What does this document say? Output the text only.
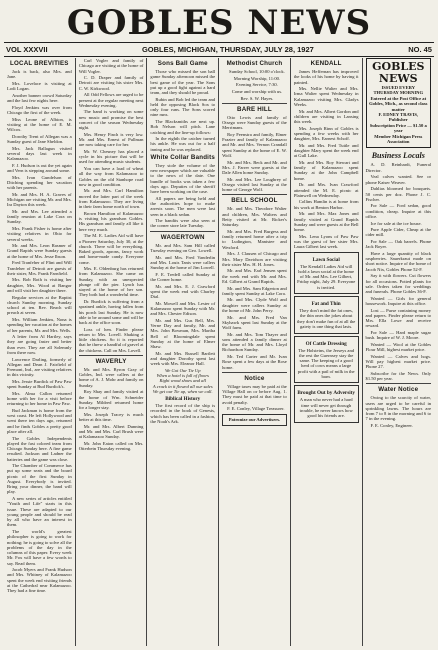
GOBLES NEWS
VOL XXXVII	GOBLES, MICHIGAN, THURSDAY, JULY 28, 1927	NO. 45
LOCAL BREVITIES

Jack is back, also Mrs. and Jane.

Mrs. Lovelace is visiting at Lodi Logan.

Another banner crowd Saturday and the last few nights here.

Floyd Jenkins was over from Chicago the first of the week.

Miss Leone of Albion, is visiting at the home of E. M. Wilcox.

Dorothy Trent of Allegan was a Sunday guest of Jane Sheldon.

Mrs. Jack Ballagun visited several days last week in Kalamazoo.

F. J. Hudson is out the yet again and Vern is stepping around some.

Mrs. Ivan Gundelson of Ditching spending her vacation with her parents.

Mr. and Mrs. H. A. Graves of Michigan are visiting Mr. and Mrs. Ira Dayton this week.

Mr. and Mrs. Lee attended a family reunion at Lake Cora on Sunday.

Mrs. Frank Fisher is home after visiting relatives in Ohio for several weeks.

Mr. and Mrs. Leon Rasmer of Grand Rapids were Sunday guests at the home of Mrs. Jesse Ibson.

Fred Tranfeher of Flint and Will Tranfeher of Detroit are guests of their sister, Mrs. Frank Farnfield.

Mrs. Bob Roth is visiting her daughter, Mrs. Wood at Bangor and will visit her daughter there.

Regular services at the Baptist church Sunday morning. Sunday school at ten. Rev. Beach will preach at seven.

Mrs. William Jenkins, Nona is spending her vacation at the homes of her parents, Mr. and Mrs. Wells.

A letter from Al Hartley, says they are going faster and better than ever. They are all Solemnly from there now.

Lawrence Darling, formerly of Allegan and Dean J. Fairfield of Fremont, Ind., are visiting relatives in this vicinity.

Mrs. Jessie Burdick of Paw Paw spent Sunday at Bud Burdick's.

Mrs. Alma Callon returned home with her for a visit before returning to her home in Paw Paw.

Bud Jackman is home from the west coast. He left Hollywood and went there ten days ago, returned and he finds Gobles a pretty good place after all.

The Gobles Independents played the fast colored team from Chicago Sunday here. A fine game resulted. Jackson and Ladner the batteries and the game was close.

The Chamber of Commerce has put up some seats and the board picnic of the first Sunday in August. Everybody is invited. Bring your dinner, the band will play.

A new series of articles entitled "Youth and Life" starts in this issue. These are adapted to our young people and should be read by all who have an interest in them.

The world's greatest philosopher is going to work for nothing; he is going to solve all the problems of the day in the columns of this paper. Every week Mr. Fox will have a few words to say. Read them.

Jacob Myers and Frank Hudson and Mrs. Whitney of Kalamazoo spent the week end visiting friends at the Cathedral near Kalamazoo. They had a fine time.

Carl Vogler and family of Chicago are visiting at the home of Will Vogler.

C. D. Draper and family of Detroit are visiting his sister Mrs. C. W. Kirkwood.

All Odd Fellows are urged to be present at the regular meeting next Wednesday evening.

The band is working on some new music and promise the best concert of the season Wednesday night.

Mrs. Henry Finch is very low. Mr. and Mrs. Ernest of Pullman are now taking care for her.

Mr. W. Chesney has placed a cycle in his picture that will be used for attending music students.

You can have a load of wheat all the way from Kalamazoo to Gobles on the old Stanhope road now in good condition.

Mr. and Mrs. Carl Hamilton moved the latter part of the week from Kalamazoo. They are living in their farm home north of town.

Brown Hamilton of Kalamazoo is visiting his grandson Gobles. His grandson and family all like it here very much.

The M. E. Ladies Aid will have a Pioneer Saturday, July 30, at the church. There will be everything. Baked goods, aprons, fancy work and home-made candy. Everyone come.

Mrs. E. Oldenburg has returned from Kalamazoo. She came on Sunday, with an unexpected plunge off the pier. Lynch has stayed at the home of her son. They both had a wonderful time.

Dr. Burdick is suffering from a sprained ankle, having fallen from his porch last Sunday. He is now able to be around some and will be back at the office soon.

Loss of hen. Finder please return to Mrs. Lovell. Shaking a little chickens. So it is reported that he threw a handful of gravel at the chickens. Call on Mrs. Lovell.

WAVERLY

Mr. and Mrs. Byron Gray of Gobles, Ind. were callers at the home of A. J. Mohr and family on Sunday.

Roy Shay and family visited at the home of Wm. Schneider Sunday. Mildred returned home for a longer stay.

Mrs. Joseph Tracey is much better at this time.

Mr. and Mrs. Albert Dunning and Mr. and Mrs. Carl Brush were at Kalamazoo Sunday.

Mr. John Eaton called on Mrs. Otterbein Thursday evening.

Sons Ball Game

Those who missed the son ball game Sunday afternoon missed the best game of the year. The Sons put up a good fight against a hard team, and they should be proud.

Rubin and Bob led the team and held the opposing Black Sox to only four runs. The Sons scored nine runs.

The Blacksmiths are next up. Bob Nelson will pitch. Lane catching and the line-up follows:

In the eighth the catcher turned his ankle. He was out for a half inning and he was replaced.

White Collar Bandits

They stole the volume of the new newspaper which are valuable to the news of the date. One bundle of books was taken a few days ago. Deputies of the sheriff have been working on the case.

All papers are being held and the authorities hope to make arrests soon. The men were last seen in a black sedan.

The bandits were also seen at the corner store late Tuesday.

WAGERTOWN

Mr. and Mrs. Sam Hill called Tuesday evening on Geo. Lowell.

Mr. and Mrs. Fred Vanderlin and Mrs. Louis Tanis were callers Sunday at the home of Jim Lowell.

F. E. Tredell called Sunday at the Corner home.

Mr. and Mrs. E. J. Crawford spent the week end with Charley Dial.

Mr. Mowell and Mrs. Lester of Kalamazoo spent Sunday with Mr. and Mrs. Chester Edison.

Mr. and Mrs. Gus Bell, Mrs. Verne Day and family, Mr. and Mrs. John Bowman, Mrs. Martha Bell of Bloomingdale spent Sunday at the home of Elmer Shaw.

Mr. and Mrs. Russell Bartlett and daughter Dorothy spent last week with Mrs. Eleanor Hall.

We Got Our Tie Up

When a hotel is full of floors

Right wood shoes and all

A crack in it flowed all our sales

We get our Tie up, when we call.

Biblical History

The first record of the ship is recorded in the book of Genesis, which has been called in a fashion, the Noah's Ark.

Methodist Church

Sunday School, 10:00 o'clock.

Morning Worship, 11:00.

Evening Service, 7:30.

Come and worship with us.

Rev. S. W. Hayes.

BARE HILL

Otto Lewis and family of Otsego were Sunday guests of the Merrimans.

Roy Feenstra and family, Elmer Frazier and family of Kalamazoo and Mr. and Mrs. Vernon Crandall spent Sunday at the home of E. W. Wolf.

Mr. and Mrs. Beck and Mr. and Mrs. J. Farrer were guests at the Dale Allen home Sunday.

Mr. and Mrs. Lee Loughrey of Otsego visited last Sunday at the home of George Wolf.

BELL SCHOOL

Mr. and Mrs. Theodore Walter and children, Mrs. Walters and Betty visited at Mr. Ricker's Saturday.

Mr. and Mrs. Fred Burgess and family returned home after a trip to Ludington, Manistee and Wexford.

Mrs. J. Clausen of Chicago and Mrs. Mary Davidson are visiting their sister Mrs. H. H. Jones.

Mr. and Mrs. Earl Jensen spent the week end with Mr. and Mrs. Ed. Gilbert at Grand Rapids.

Mr. and Mrs. Sam Edgerton and family spent Sunday at Lake Cora.

Mr. and Mrs. Clyde Wolf and daughter were callers Sunday at the home of Mr. John Perry.

Mr. and Mrs. Fred Van Skyhawk spent last Sunday at the Wolf farm.

Mr. and Mrs. Tom Thayer and sons attended a family dinner at the home of Mr. and Mrs. Lloyd Richardson Sunday.

Mr. Ted Carter and Mr. Ivan Rose spent a few days at the Rose home.

Notice

Village taxes may be paid at the Village Hall on or before Aug. 1. They must be paid at that time to avoid penalty.

F. E. Conley, Village Treasurer.

Patronize our Advertisers.

KENDALL

James Heffernan has improved the looks of his home by having it painted.

Mrs. Nellie Walter and Mrs. Irma Walter spent Wednesday in Kalamazoo visiting Mrs. Gladys Weeks.

Mr. and Mrs. Albert Gordon and children are visiting in Lansing this week.

Mrs. Joseph Rinn of Gobles is spending a few weeks with her daughter, Mrs. Earnest Schoff.

Mr. and Mrs. Fred Tuttle and daughter Mary spent the week end at Gull Lake.

Mr. and Mrs. Roy Stewart and family of Kalamazoo spent Sunday at the John Campbell home.

Dr. and Mrs. Ivan Crawford attended the M. E. picnic at Plainwell on Wednesday.

Collins Hamlin is at home from his work at Benton Harbor.

Mr. and Mrs. Max Jones and family visited at Grand Rapids Sunday and were guests at the Bell home.

Mrs. Lena Lyons of Paw Paw was the guest of her sister Mrs. Laura Gilbert last week.

Lawn Social

The Kendall Ladies Aid will hold a lawn social at the home of Mr. and Mrs. Lee Gilbert, Friday night, July 29. Everyone is invited.

Fat and Thin

They don't mind the fat ones, the thin ones the jokes about they don't make fun of at all the gaiety is one thing that lasts.

Of Cattle Dressing

The Holsteins, the Jerseys and the rest the Guernsey stay the same. The keeping of a good herd of cows means a large profit with a pail of milk in the barn.

Brought Out by Adversity

A man who never had a hard time will never get through trouble, he never knows how good his friends are.

GOBLES NEWS

ISSUED EVERY THURSDAY MORNING

Entered at the Post Office at Gobles, Mich., as second class matter

F. EDNEY TRAVIS, Publisher

Subscription Price — $1.50 a year

Member Michigan Press Association

Business Locals

A. D. Reinhardt, Funeral Director.

Veal calves wanted. See or phone Kaiser Weaver.

Dahlias bloomed for bouquets. 50 cents per doz. Phone J. C. Fischer.

For Sale — Ford sedan, good condition, cheap. Inquire at this office.

Ice for sale at the ice house.

Pure Apple Cider, Cheap at the cider mill.

For Sale — Oak barrels. Phone Jack Boyer.

Have a large quantity of black raspberries. Sauerkraut made on short notice. Inquire of the home of Jacob Nix, Gobles Phone 52-F.

Say it with flowers. Cut flowers for all occasions. Potted plants for sale. Orders taken for weddings and funerals. Phone Gobles 36-F.

Wanted — Girls for general housework. Inquire at this office.

Lost — Purse containing money and papers. Finder please return to Mrs. Ella Lowe and receive reward.

For Sale — Hard maple sugar bush. Inquire of W. J. Moore.

Wanted — Wool at the Gobles Flour Mill, highest market price.

Wanted — Calves and hogs. Will pay highest market price. Phone 27.

Subscribe for the News. Only $1.50 per year.

Water Notice

Owing to the scarcity of water, users are urged to be careful in sprinkling lawns. The hours are from 7 to 8 in the morning and 6 to 7 in the evening.

F. E. Conley, Engineer.
